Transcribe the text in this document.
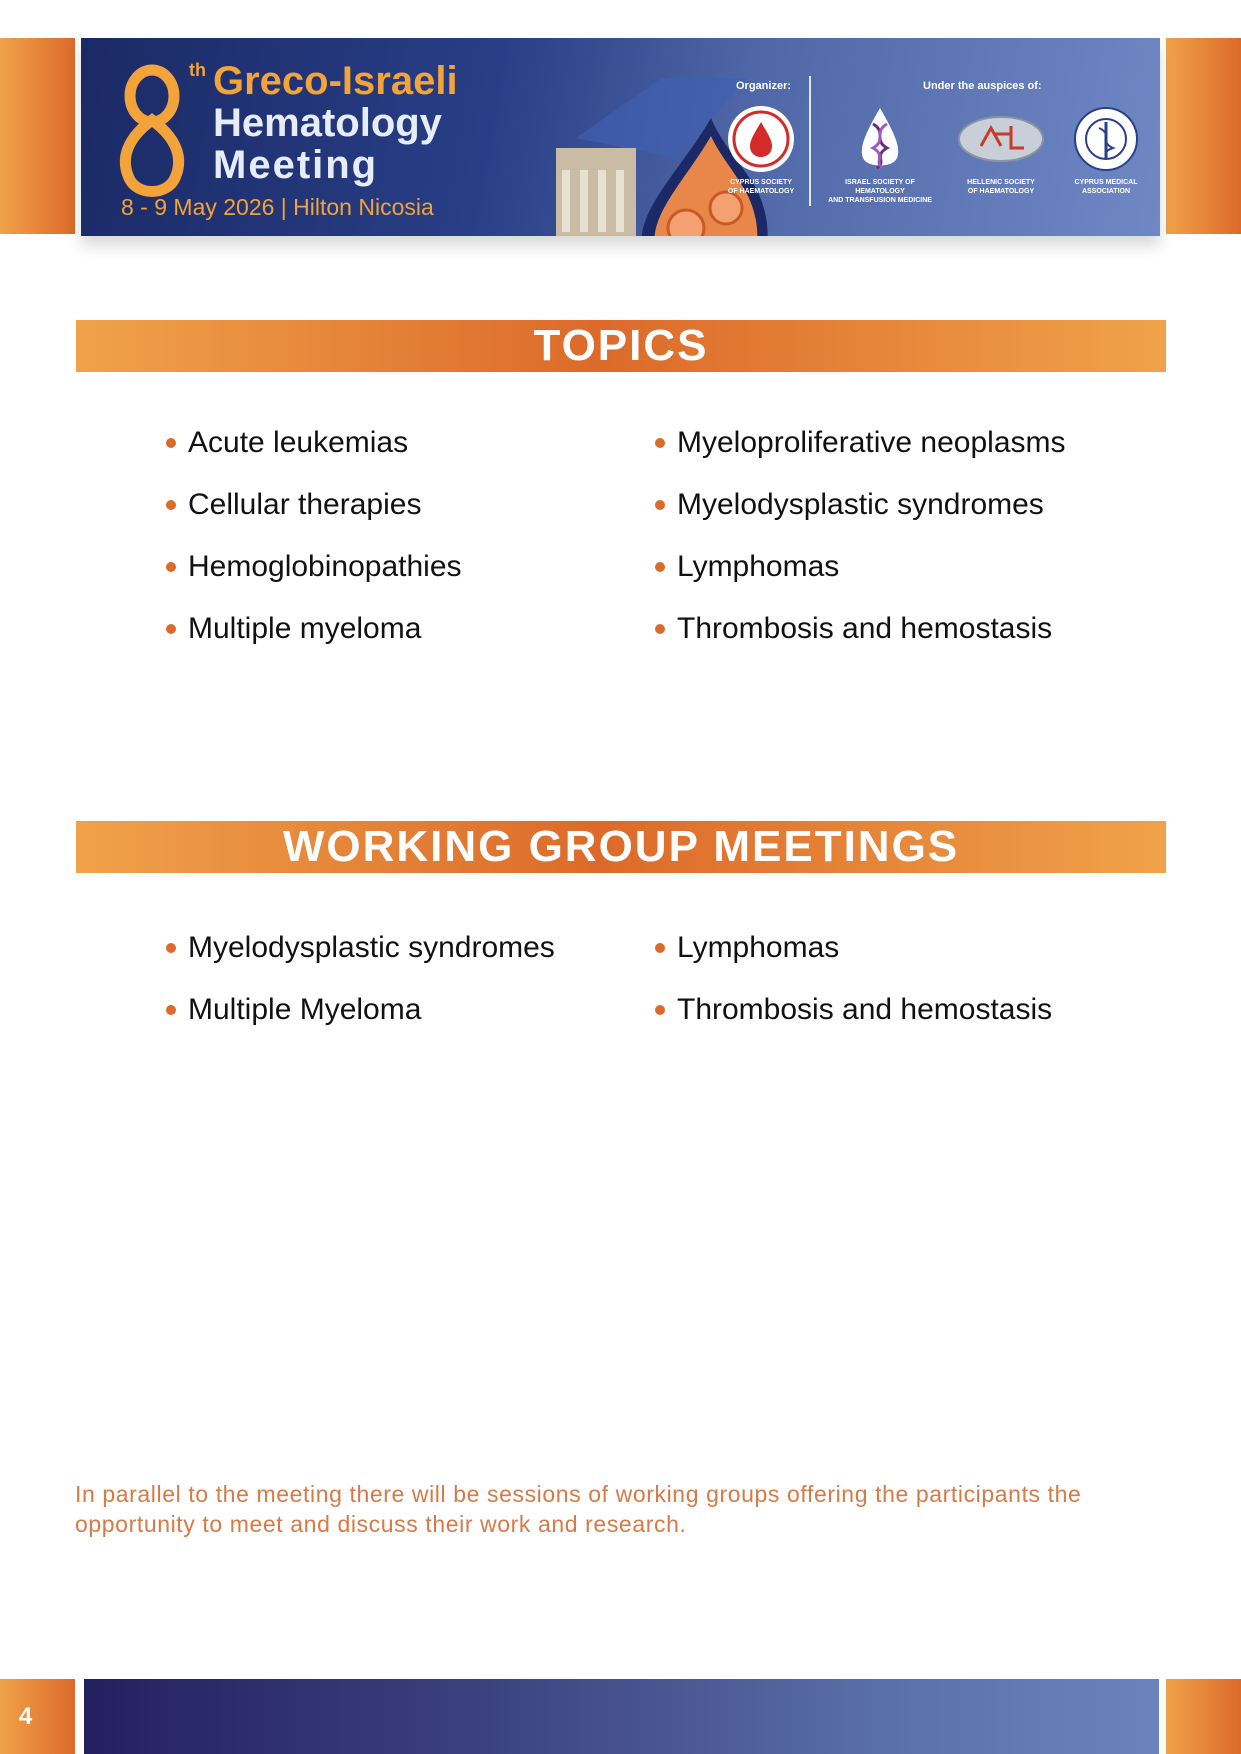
th Greco-Israeli
Hematology
Meeting
8 - 9 May 2026 | Hilton Nicosia
Organizer:	Under the auspices of:
CYPRUS SOCIETY
OF HAEMATOLOGY
ISRAEL SOCIETY OF HEMATOLOGY
AND TRANSFUSION MEDICINE
HELLENIC SOCIETY
OF HAEMATOLOGY
CYPRUS MEDICAL
ASSOCIATION
TOPICS
Acute leukemias
Cellular therapies
Hemoglobinopathies
Multiple myeloma
Myeloproliferative neoplasms
Myelodysplastic syndromes
Lymphomas
Thrombosis and hemostasis
WORKING GROUP MEETINGS
Myelodysplastic syndromes
Multiple Myeloma
Lymphomas
Thrombosis and hemostasis

In parallel to the meeting there will be sessions of working groups offering the participants the opportunity to meet and discuss their work and research.

4
